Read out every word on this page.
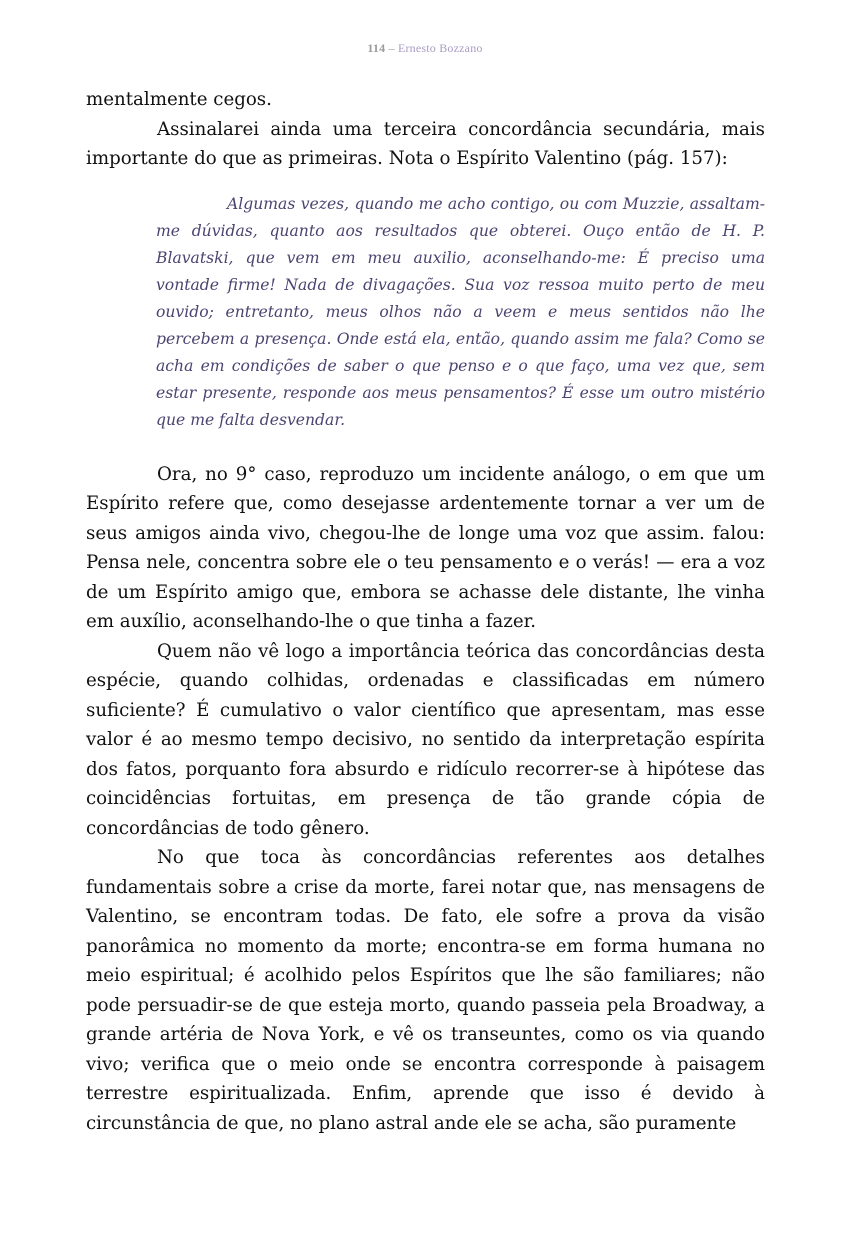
114 – Ernesto Bozzano

mentalmente cegos.

Assinalarei ainda uma terceira concordância secundária, mais importante do que as primeiras. Nota o Espírito Valentino (pág. 157):

Algumas vezes, quando me acho contigo, ou com Muzzie, assaltam-me dúvidas, quanto aos resultados que obterei. Ouço então de H. P. Blavatski, que vem em meu auxilio, aconselhando-me: É preciso uma vontade firme! Nada de divagações. Sua voz ressoa muito perto de meu ouvido; entretanto, meus olhos não a veem e meus sentidos não lhe percebem a presença. Onde está ela, então, quando assim me fala? Como se acha em condições de saber o que penso e o que faço, uma vez que, sem estar presente, responde aos meus pensamentos? É esse um outro mistério que me falta desvendar.

Ora, no 9° caso, reproduzo um incidente análogo, o em que um Espírito refere que, como desejasse ardentemente tornar a ver um de seus amigos ainda vivo, chegou-lhe de longe uma voz que assim. falou: Pensa nele, concentra sobre ele o teu pensamento e o verás! — era a voz de um Espírito amigo que, embora se achasse dele distante, lhe vinha em auxílio, aconselhando-lhe o que tinha a fazer.

Quem não vê logo a importância teórica das concordâncias desta espécie, quando colhidas, ordenadas e classificadas em número suficiente? É cumulativo o valor científico que apresentam, mas esse valor é ao mesmo tempo decisivo, no sentido da interpretação espírita dos fatos, porquanto fora absurdo e ridículo recorrer-se à hipótese das coincidências fortuitas, em presença de tão grande cópia de concordâncias de todo gênero.

No que toca às concordâncias referentes aos detalhes fundamentais sobre a crise da morte, farei notar que, nas mensagens de Valentino, se encontram todas. De fato, ele sofre a prova da visão panorâmica no momento da morte; encontra-se em forma humana no meio espiritual; é acolhido pelos Espíritos que lhe são familiares; não pode persuadir-se de que esteja morto, quando passeia pela Broadway, a grande artéria de Nova York, e vê os transeuntes, como os via quando vivo; verifica que o meio onde se encontra corresponde à paisagem terrestre espiritualizada. Enfim, aprende que isso é devido à circunstância de que, no plano astral ande ele se acha, são puramente
